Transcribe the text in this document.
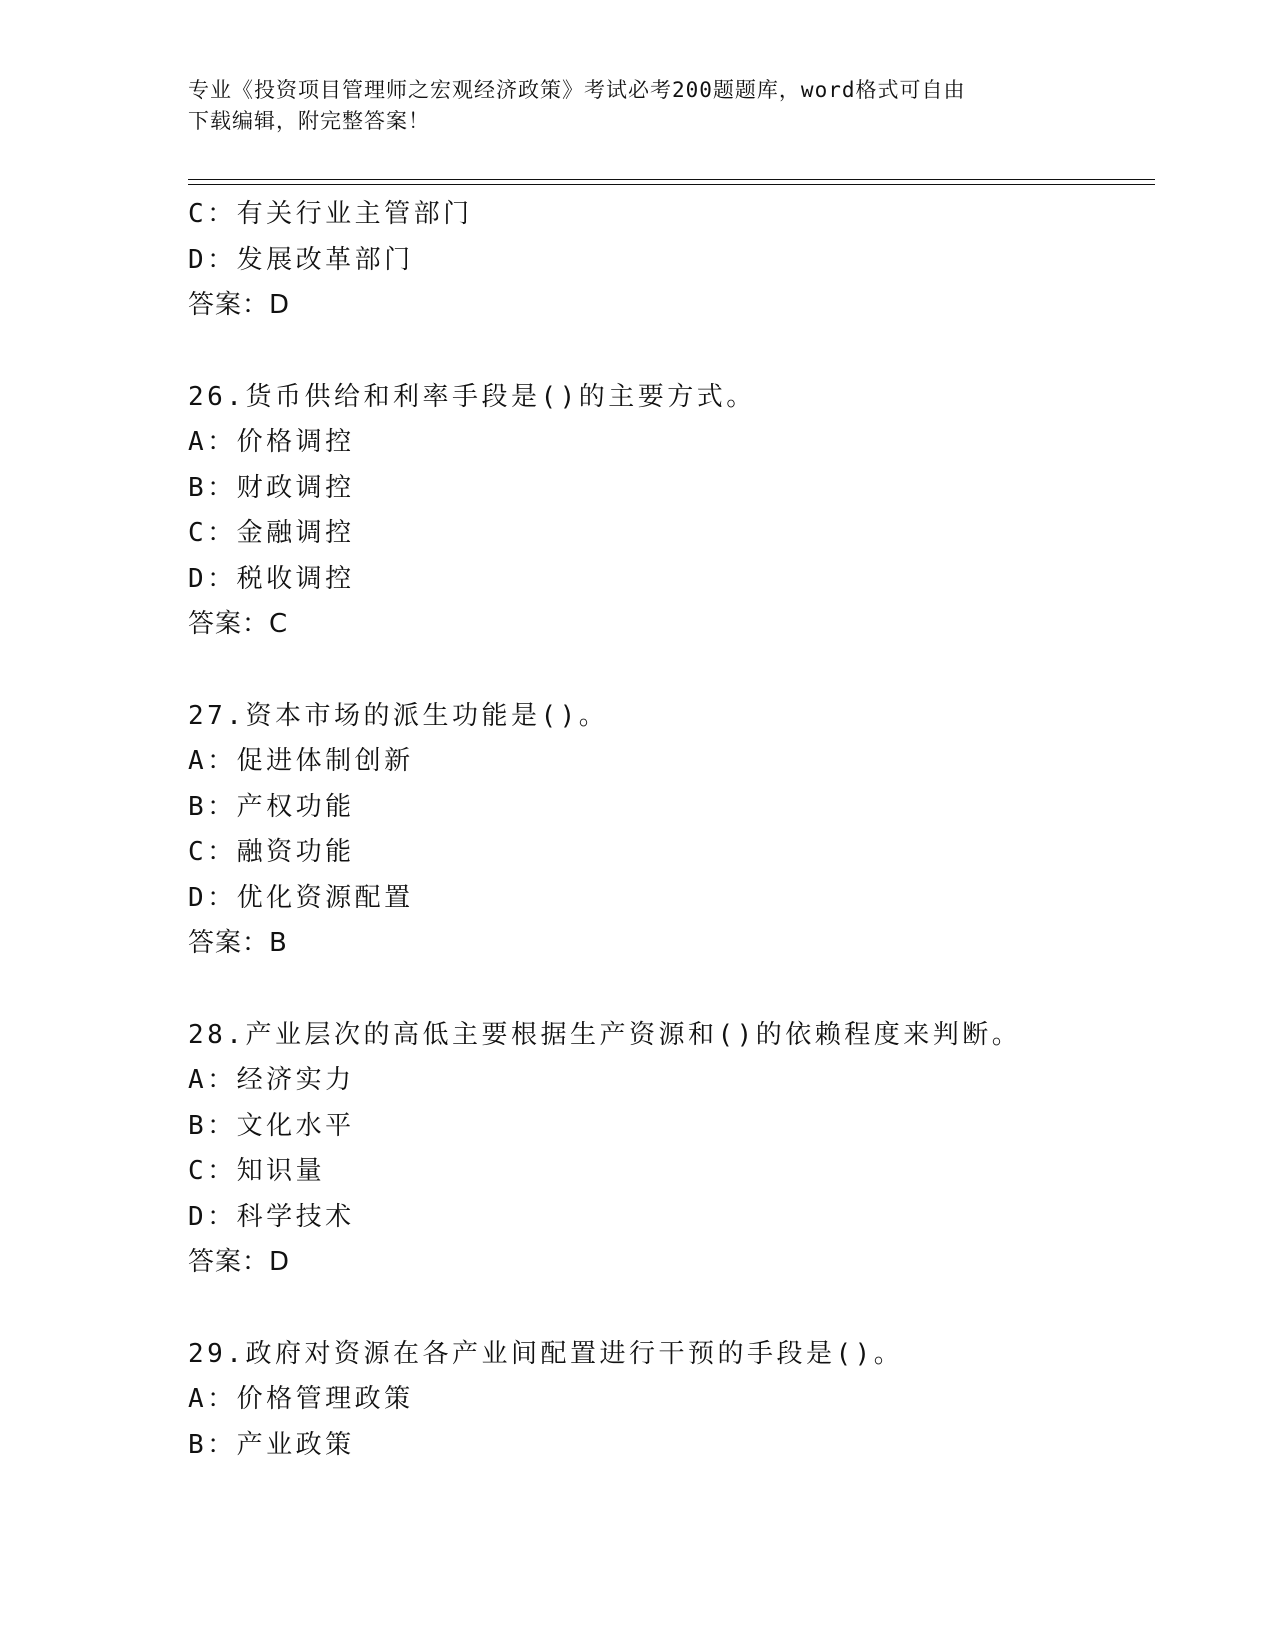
专业《投资项目管理师之宏观经济政策》考试必考200题题库，word格式可自由
下载编辑，附完整答案！
C：有关行业主管部门
D：发展改革部门
答案：D
26.货币供给和利率手段是()的主要方式。
A：价格调控
B：财政调控
C：金融调控
D：税收调控
答案：C
27.资本市场的派生功能是()。
A：促进体制创新
B：产权功能
C：融资功能
D：优化资源配置
答案：B
28.产业层次的高低主要根据生产资源和()的依赖程度来判断。
A：经济实力
B：文化水平
C：知识量
D：科学技术
答案：D
29.政府对资源在各产业间配置进行干预的手段是()。
A：价格管理政策
B：产业政策
